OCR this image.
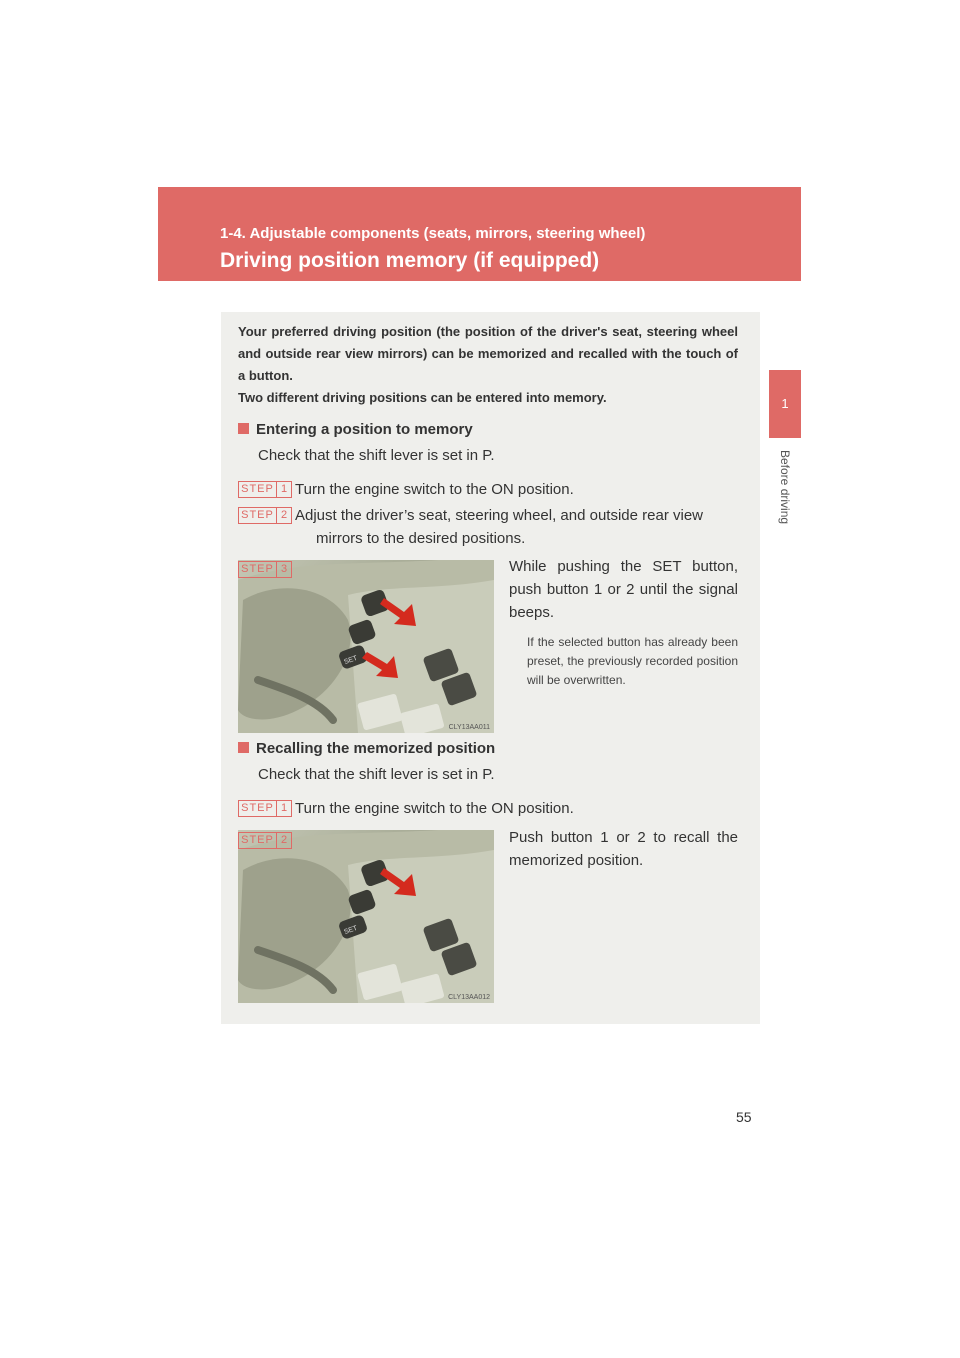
1-4. Adjustable components (seats, mirrors, steering wheel)
Driving position memory (if equipped)
1
Before driving

Your preferred driving position (the position of the driver's seat, steering wheel and outside rear view mirrors) can be memorized and recalled with the touch of a button.

Two different driving positions can be entered into memory.

Entering a position to memory
Check that the shift lever is set in P.
STEP 1 Turn the engine switch to the ON position.
STEP 2 Adjust the driver’s seat, steering wheel, and outside rear view
mirrors to the desired positions.
SET
CLY13AA011
STEP 3	While pushing the SET button, push button 1 or 2 until the signal beeps.
If the selected button has already been preset, the previously recorded position will be overwritten.
Recalling the memorized position
Check that the shift lever is set in P.
STEP 1 Turn the engine switch to the ON position.
SET
CLY13AA012
STEP 2	Push button 1 or 2 to recall the memorized position.
55
